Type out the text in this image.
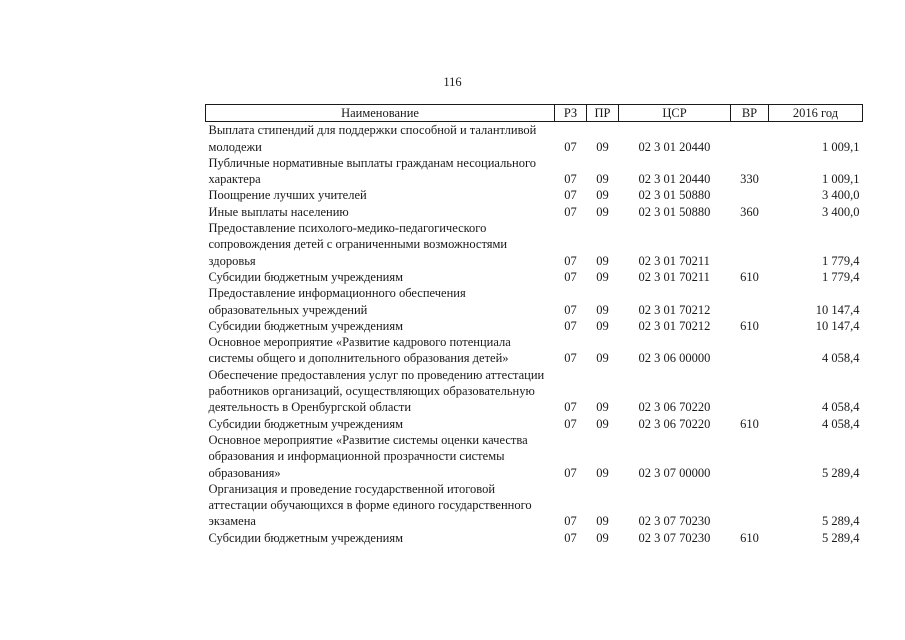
116
Наименование	РЗ	ПР	ЦСР	ВР	2016 год
Выплата стипендий для поддержки способной и талантливой молодежи	07	09	02 3 01 20440		1 009,1
Публичные нормативные выплаты гражданам несоциального характера	07	09	02 3 01 20440	330	1 009,1
Поощрение лучших учителей	07	09	02 3 01 50880		3 400,0
Иные выплаты населению	07	09	02 3 01 50880	360	3 400,0
Предоставление психолого-медико-педагогического сопровождения детей с ограниченными возможностями здоровья	07	09	02 3 01 70211		1 779,4
Субсидии бюджетным учреждениям	07	09	02 3 01 70211	610	1 779,4
Предоставление информационного обеспечения образовательных учреждений	07	09	02 3 01 70212		10 147,4
Субсидии бюджетным учреждениям	07	09	02 3 01 70212	610	10 147,4
Основное мероприятие «Развитие кадрового потенциала системы общего и дополнительного образования детей»	07	09	02 3 06 00000		4 058,4
Обеспечение предоставления услуг по проведению аттестации работников организаций, осуществляющих образовательную деятельность в Оренбургской области	07	09	02 3 06 70220		4 058,4
Субсидии бюджетным учреждениям	07	09	02 3 06 70220	610	4 058,4
Основное мероприятие «Развитие системы оценки качества образования и информационной прозрачности системы образования»	07	09	02 3 07 00000		5 289,4
Организация и проведение государственной итоговой аттестации обучающихся в форме единого государственного экзамена	07	09	02 3 07 70230		5 289,4
Субсидии бюджетным учреждениям	07	09	02 3 07 70230	610	5 289,4
